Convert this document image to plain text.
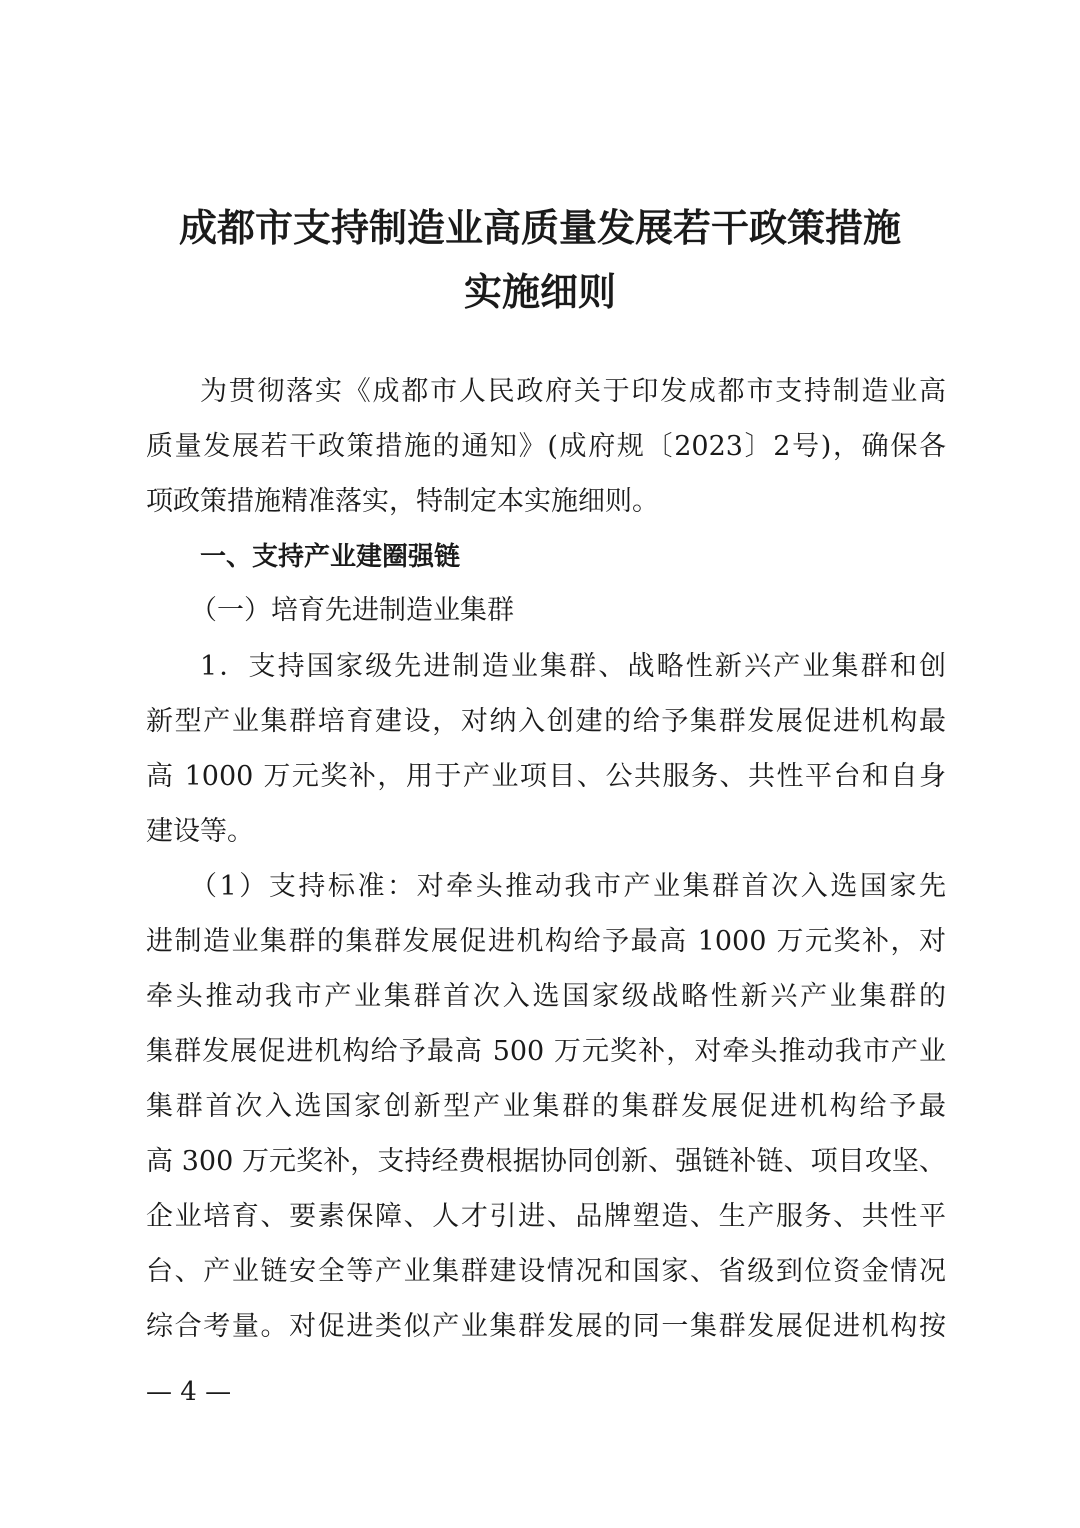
成都市支持制造业高质量发展若干政策措施
实施细则
为贯彻落实《成都市人民政府关于印发成都市支持制造业高
质量发展若干政策措施的通知》(成府规〔2023〕2号)，确保各
项政策措施精准落实，特制定本实施细则。
一、支持产业建圈强链
（一）培育先进制造业集群
1．支持国家级先进制造业集群、战略性新兴产业集群和创
新型产业集群培育建设，对纳入创建的给予集群发展促进机构最
高 1000 万元奖补，用于产业项目、公共服务、共性平台和自身
建设等。
（1）支持标准：对牵头推动我市产业集群首次入选国家先
进制造业集群的集群发展促进机构给予最高 1000 万元奖补，对
牵头推动我市产业集群首次入选国家级战略性新兴产业集群的
集群发展促进机构给予最高 500 万元奖补，对牵头推动我市产业
集群首次入选国家创新型产业集群的集群发展促进机构给予最
高 300 万元奖补，支持经费根据协同创新、强链补链、项目攻坚、
企业培育、要素保障、人才引进、品牌塑造、生产服务、共性平
台、产业链安全等产业集群建设情况和国家、省级到位资金情况
综合考量。对促进类似产业集群发展的同一集群发展促进机构按
— 4 —
